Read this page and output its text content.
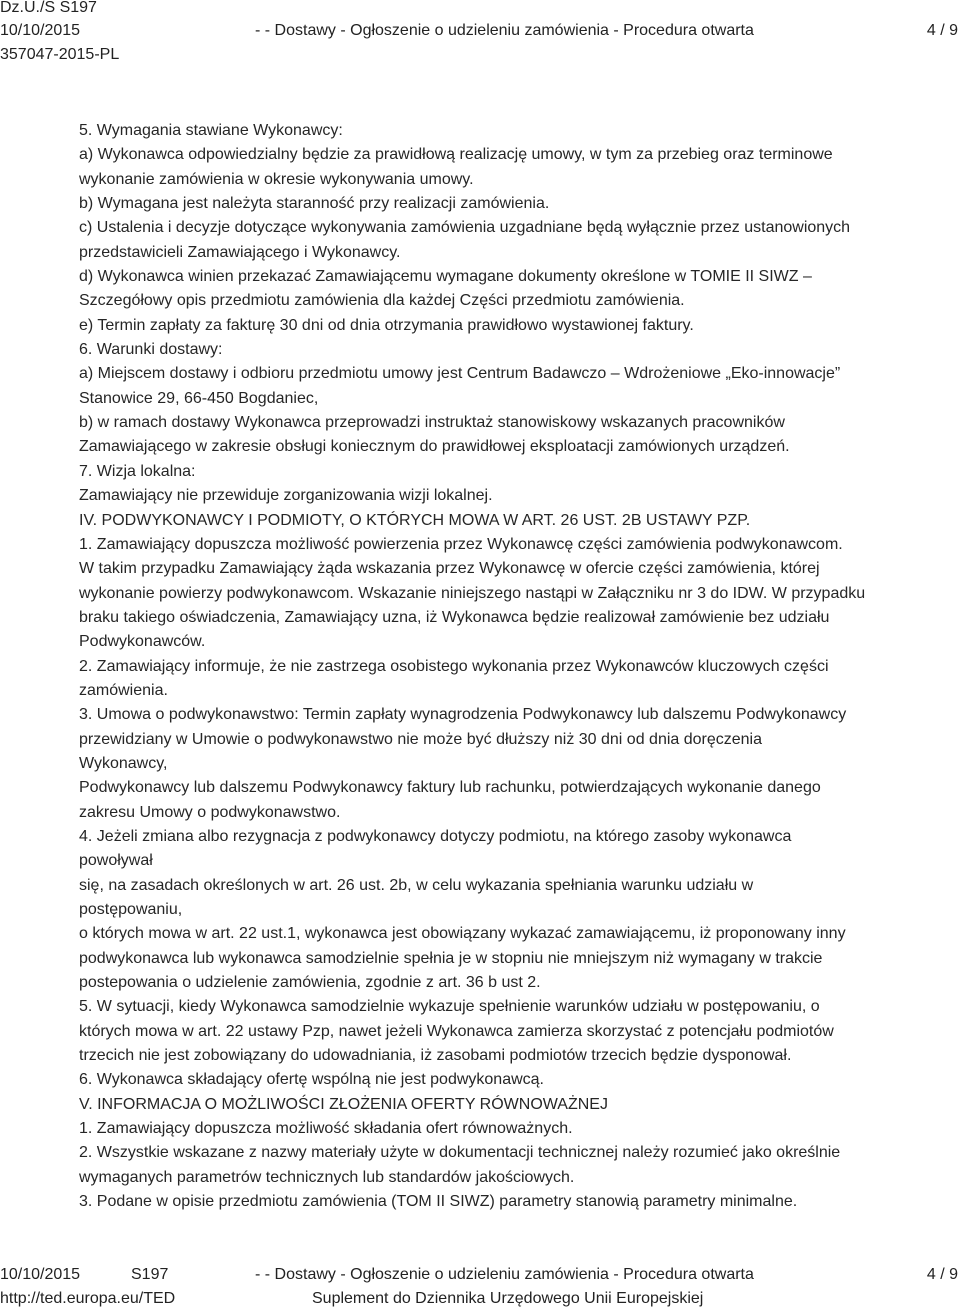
Dz.U./S S197
10/10/2015
357047-2015-PL
- - Dostawy - Ogłoszenie o udzieleniu zamówienia - Procedura otwarta	4 / 9

5. Wymagania stawiane Wykonawcy:

a) Wykonawca odpowiedzialny będzie za prawidłową realizację umowy, w tym za przebieg oraz terminowe

wykonanie zamówienia w okresie wykonywania umowy.

b) Wymagana jest należyta staranność przy realizacji zamówienia.

c) Ustalenia i decyzje dotyczące wykonywania zamówienia uzgadniane będą wyłącznie przez ustanowionych

przedstawicieli Zamawiającego i Wykonawcy.

d) Wykonawca winien przekazać Zamawiającemu wymagane dokumenty określone w TOMIE II SIWZ –

Szczegółowy opis przedmiotu zamówienia dla każdej Części przedmiotu zamówienia.

e) Termin zapłaty za fakturę 30 dni od dnia otrzymania prawidłowo wystawionej faktury.

6. Warunki dostawy:

a) Miejscem dostawy i odbioru przedmiotu umowy jest Centrum Badawczo – Wdrożeniowe „Eko-innowacje”

Stanowice 29, 66-450 Bogdaniec,

b) w ramach dostawy Wykonawca przeprowadzi instruktaż stanowiskowy wskazanych pracowników

Zamawiającego w zakresie obsługi koniecznym do prawidłowej eksploatacji zamówionych urządzeń.

7. Wizja lokalna:

Zamawiający nie przewiduje zorganizowania wizji lokalnej.

IV. PODWYKONAWCY I PODMIOTY, O KTÓRYCH MOWA W ART. 26 UST. 2B USTAWY PZP.

1. Zamawiający dopuszcza możliwość powierzenia przez Wykonawcę części zamówienia podwykonawcom.

W takim przypadku Zamawiający żąda wskazania przez Wykonawcę w ofercie części zamówienia, której

wykonanie powierzy podwykonawcom. Wskazanie niniejszego nastąpi w Załączniku nr 3 do IDW. W przypadku

braku takiego oświadczenia, Zamawiający uzna, iż Wykonawca będzie realizował zamówienie bez udziału

Podwykonawców.

2. Zamawiający informuje, że nie zastrzega osobistego wykonania przez Wykonawców kluczowych części

zamówienia.

3. Umowa o podwykonawstwo: Termin zapłaty wynagrodzenia Podwykonawcy lub dalszemu Podwykonawcy

przewidziany w Umowie o podwykonawstwo nie może być dłuższy niż 30 dni od dnia doręczenia

Wykonawcy,

Podwykonawcy lub dalszemu Podwykonawcy faktury lub rachunku, potwierdzających wykonanie danego

zakresu Umowy o podwykonawstwo.

4. Jeżeli zmiana albo rezygnacja z podwykonawcy dotyczy podmiotu, na którego zasoby wykonawca

powoływał

się, na zasadach określonych w art. 26 ust. 2b, w celu wykazania spełniania warunku udziału w

postępowaniu,

o których mowa w art. 22 ust.1, wykonawca jest obowiązany wykazać zamawiającemu, iż proponowany inny

podwykonawca lub wykonawca samodzielnie spełnia je w stopniu nie mniejszym niż wymagany w trakcie

postepowania o udzielenie zamówienia, zgodnie z art. 36 b ust 2.

5. W sytuacji, kiedy Wykonawca samodzielnie wykazuje spełnienie warunków udziału w postępowaniu, o

których mowa w art. 22 ustawy Pzp, nawet jeżeli Wykonawca zamierza skorzystać z potencjału podmiotów

trzecich nie jest zobowiązany do udowadniania, iż zasobami podmiotów trzecich będzie dysponował.

6. Wykonawca składający ofertę wspólną nie jest podwykonawcą.

V. INFORMACJA O MOŻLIWOŚCI ZŁOŻENIA OFERTY RÓWNOWAŻNEJ

1. Zamawiający dopuszcza możliwość składania ofert równoważnych.

2. Wszystkie wskazane z nazwy materiały użyte w dokumentacji technicznej należy rozumieć jako określnie

wymaganych parametrów technicznych lub standardów jakościowych.

3. Podane w opisie przedmiotu zamówienia (TOM II SIWZ) parametry stanowią parametry minimalne.

10/10/2015	S197	- - Dostawy - Ogłoszenie o udzieleniu zamówienia - Procedura otwarta	4 / 9
http://ted.europa.eu/TED	Suplement do Dziennika Urzędowego Unii Europejskiej
